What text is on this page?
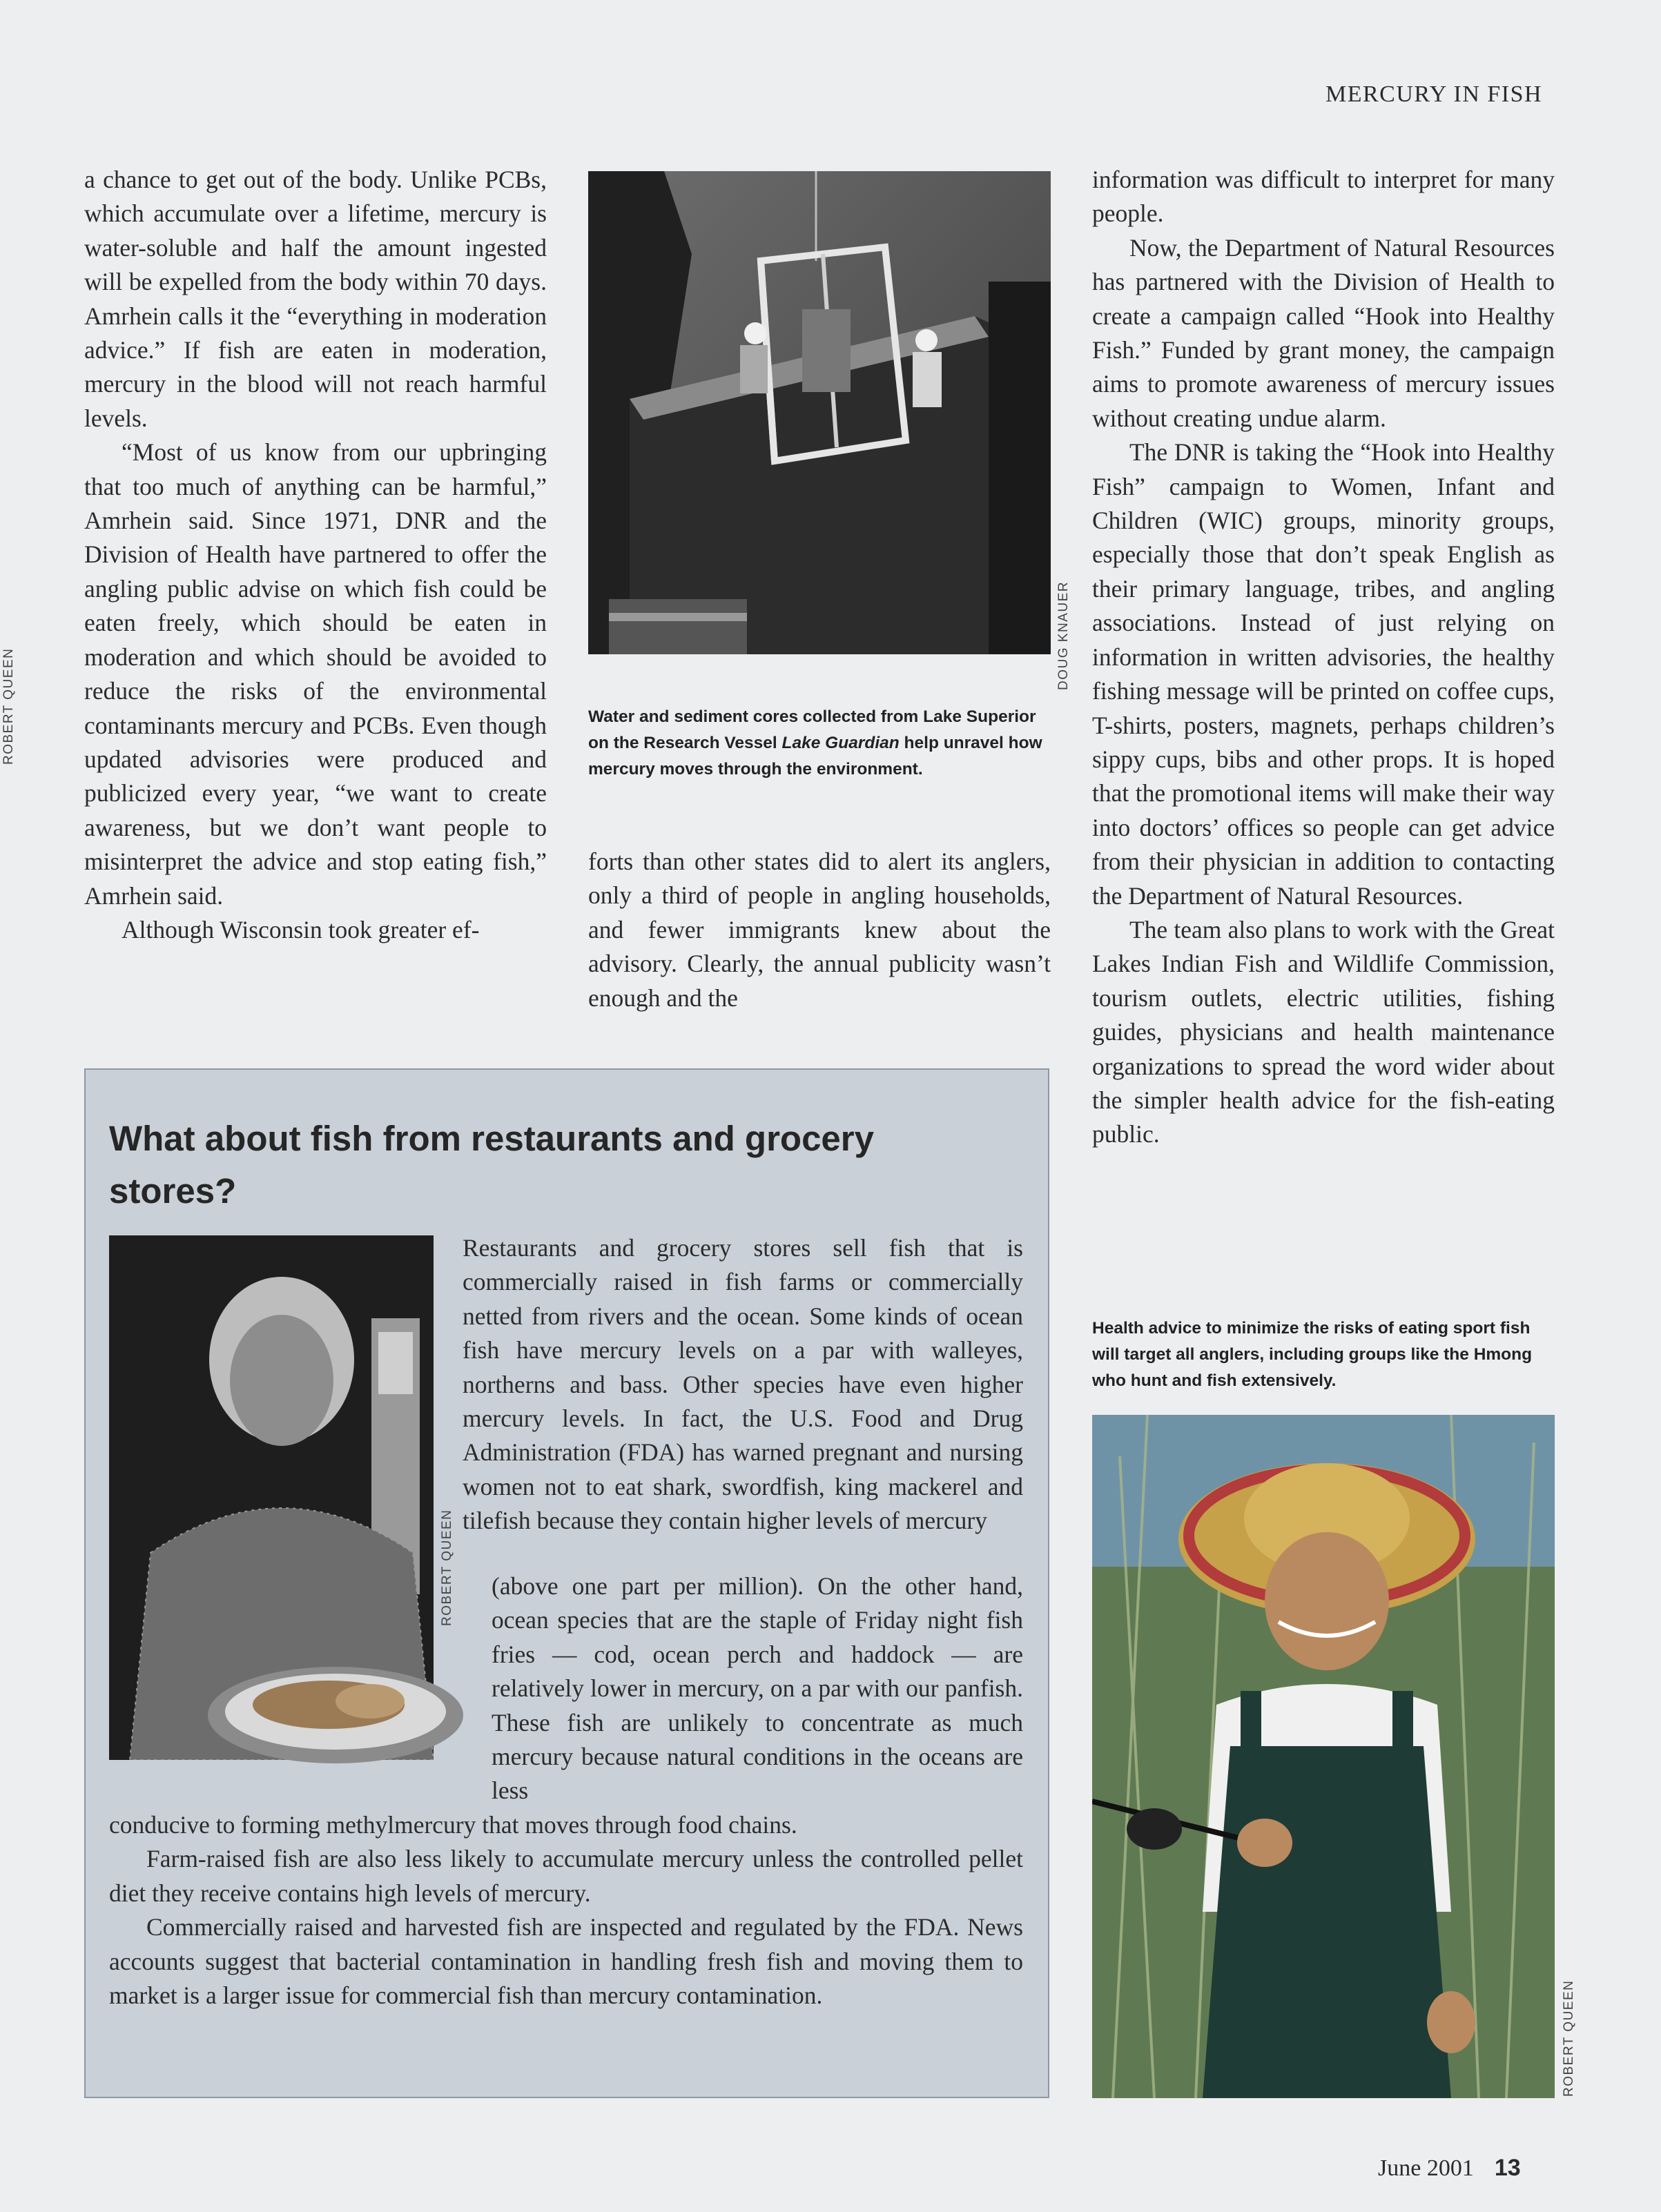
MERCURY IN FISH
ROBERT QUEEN

a chance to get out of the body. Unlike PCBs, which accumulate over a lifetime, mercury is water-soluble and half the amount ingested will be expelled from the body within 70 days. Amrhein calls it the “everything in moderation advice.” If fish are eaten in moderation, mercury in the blood will not reach harmful levels.

“Most of us know from our upbringing that too much of anything can be harmful,” Amrhein said. Since 1971, DNR and the Division of Health have partnered to offer the angling public advise on which fish could be eaten freely, which should be eaten in moderation and which should be avoided to reduce the risks of the environmental contaminants mercury and PCBs. Even though updated advisories were produced and publicized every year, “we want to create awareness, but we don’t want people to misinterpret the advice and stop eating fish,” Amrhein said.

Although Wisconsin took greater ef-

DOUG KNAUER
Water and sediment cores collected from Lake Superior on the Research Vessel Lake Guardian help unravel how mercury moves through the environment.

forts than other states did to alert its anglers, only a third of people in angling households, and fewer immigrants knew about the advisory. Clearly, the annual publicity wasn’t enough and the

information was difficult to interpret for many people.

Now, the Department of Natural Resources has partnered with the Division of Health to create a campaign called “Hook into Healthy Fish.” Funded by grant money, the campaign aims to promote awareness of mercury issues without creating undue alarm.

The DNR is taking the “Hook into Healthy Fish” campaign to Women, Infant and Children (WIC) groups, minority groups, especially those that don’t speak English as their primary language, tribes, and angling associations. Instead of just relying on information in written advisories, the healthy fishing message will be printed on coffee cups, T-shirts, posters, magnets, perhaps children’s sippy cups, bibs and other props. It is hoped that the promotional items will make their way into doctors’ offices so people can get advice from their physician in addition to contacting the Department of Natural Resources.

The team also plans to work with the Great Lakes Indian Fish and Wildlife Commission, tourism outlets, electric utilities, fishing guides, physicians and health maintenance organizations to spread the word wider about the simpler health advice for the fish-eating public.

Health advice to minimize the risks of eating sport fish will target all anglers, including groups like the Hmong who hunt and fish extensively.
ROBERT QUEEN
What about fish from restaurants and grocery stores?
ROBERT QUEEN

Restaurants and grocery stores sell fish that is commercially raised in fish farms or commercially netted from rivers and the ocean. Some kinds of ocean fish have mercury levels on a par with walleyes, northerns and bass. Other species have even higher mercury levels. In fact, the U.S. Food and Drug Administration (FDA) has warned pregnant and nursing women not to eat shark, swordfish, king mackerel and tilefish because they contain higher levels of mercury

(above one part per million). On the other hand, ocean species that are the staple of Friday night fish fries — cod, ocean perch and haddock — are relatively lower in mercury, on a par with our panfish. These fish are unlikely to concentrate as much mercury because natural conditions in the oceans are less

conducive to forming methylmercury that moves through food chains.

Farm-raised fish are also less likely to accumulate mercury unless the controlled pellet diet they receive contains high levels of mercury.

Commercially raised and harvested fish are inspected and regulated by the FDA. News accounts suggest that bacterial contamination in handling fresh fish and moving them to market is a larger issue for commercial fish than mercury contamination.

June 2001 13
